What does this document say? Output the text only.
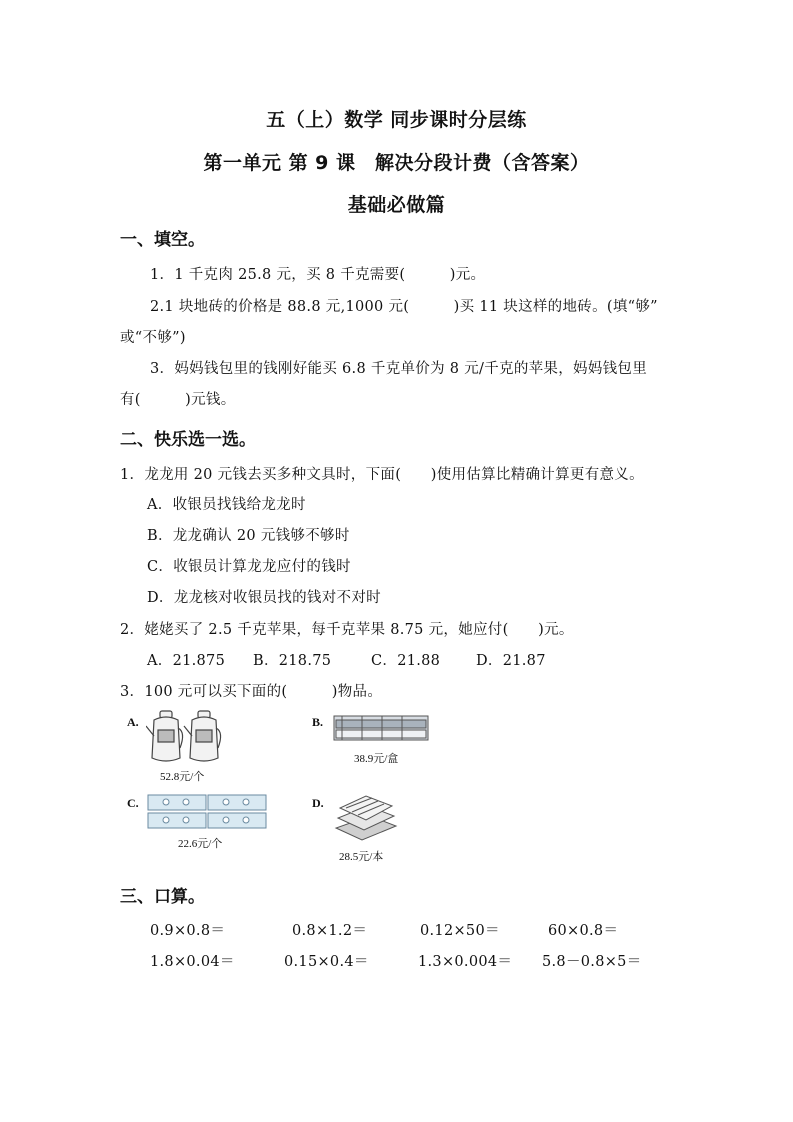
五（上）数学 同步课时分层练
第一单元 第 9 课　解决分段计费（含答案）
基础必做篇
一、填空。
1．1 千克肉 25.8 元，买 8 千克需要(　　　)元。
2.1 块地砖的价格是 88.8 元,1000 元(　　　)买 11 块这样的地砖。(填“够”
或“不够”)
3．妈妈钱包里的钱刚好能买 6.8 千克单价为 8 元/千克的苹果，妈妈钱包里
有(　　　)元钱。
二、快乐选一选。
1．龙龙用 20 元钱去买多种文具时，下面(　　)使用估算比精确计算更有意义。
A．收银员找钱给龙龙时
B．龙龙确认 20 元钱够不够时
C．收银员计算龙龙应付的钱时
D．龙龙核对收银员找的钱对不对时
2．姥姥买了 2.5 千克苹果，每千克苹果 8.75 元，她应付(　　)元。
A．21.875 B．218.75	C．21.88 D．21.87
3．100 元可以买下面的(　　　)物品。
A.
52.8元/个
B.
38.9元/盒
C.
22.6元/个
D.
28.5元/本
三、口算。
0.9×0.8＝	0.8×1.2＝	0.12×50＝	60×0.8＝
1.8×0.04＝	0.15×0.4＝	1.3×0.004＝ 5.8－0.8×5＝
